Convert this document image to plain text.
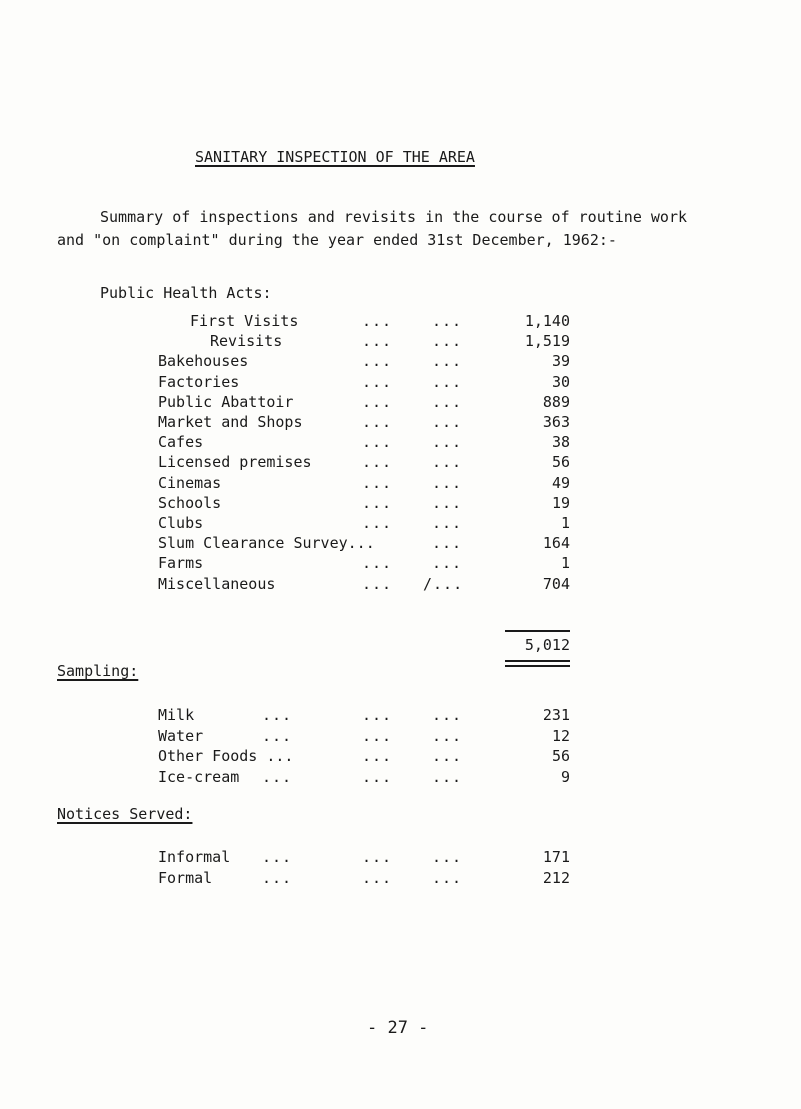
SANITARY INSPECTION OF THE AREA
Summary of inspections and revisits in the course of routine work
and "on complaint" during the year ended 31st December, 1962:-
Public Health Acts:
First Visits	...	...	1,140
Revisits	...	...	1,519
Bakehouses	...	...	39
Factories	...	...	30
Public Abattoir	...	...	889
Market and Shops	...	...	363
Cafes	...	...	38
Licensed premises	...	...	56
Cinemas	...	...	49
Schools	...	...	19
Clubs	...	...	1
Slum Clearance Survey...	...	164
Farms	...	...	1
Miscellaneous	... /...	704
5,012
Sampling:
Milk	...	...	...	231
Water	...	...	...	12
Other Foods ...	...	...	56
Ice-cream ...	...	...	9
Notices Served:
Informal ...	...	...	171
Formal	...	...	...	212
- 27 -
